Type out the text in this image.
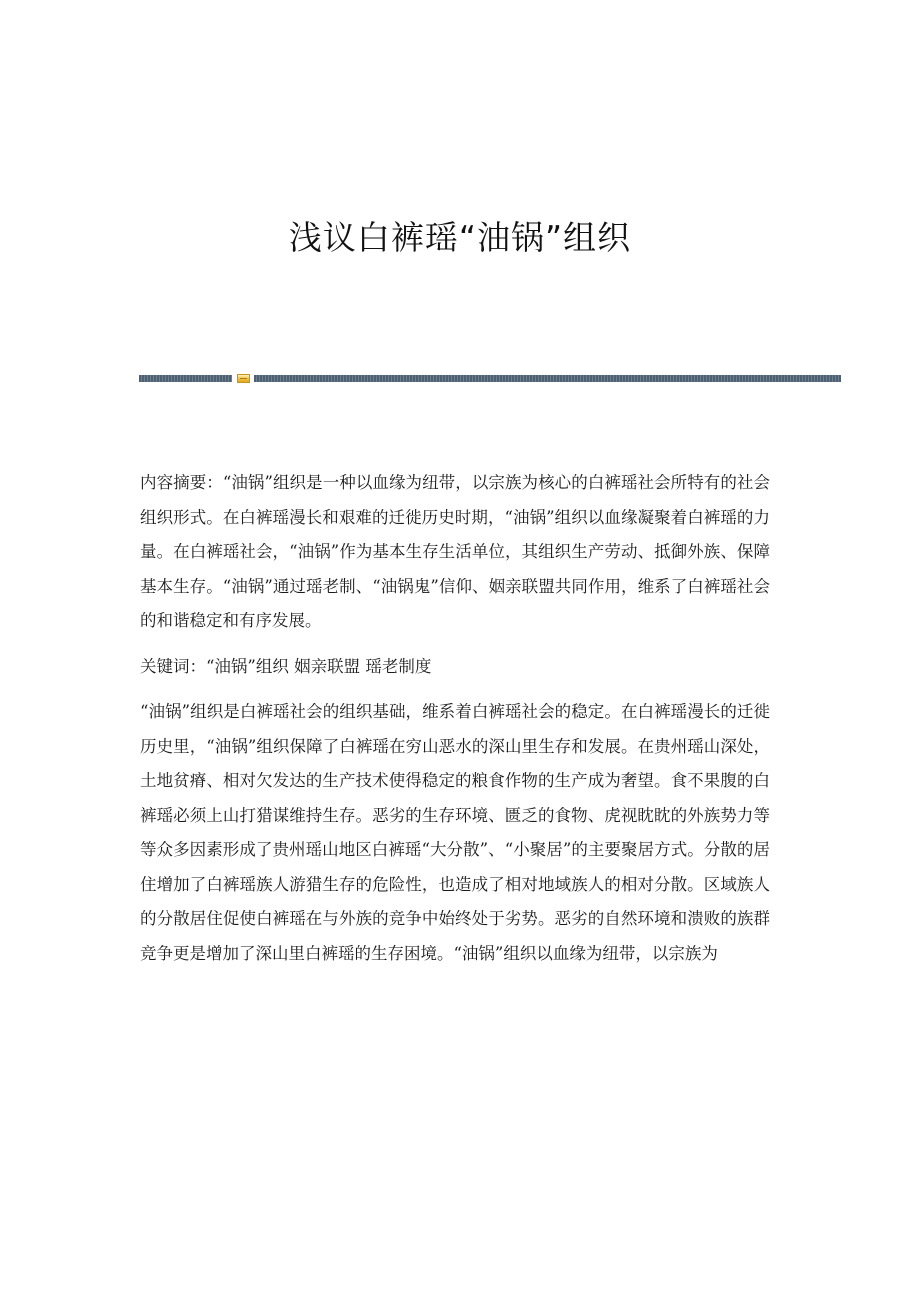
浅议白裤瑶“油锅”组织

内容摘要：“油锅”组织是一种以血缘为纽带，以宗族为核心的白裤瑶社会所特有的社会组织形式。在白裤瑶漫长和艰难的迁徙历史时期，“油锅”组织以血缘凝聚着白裤瑶的力量。在白裤瑶社会，“油锅”作为基本生存生活单位，其组织生产劳动、抵御外族、保障基本生存。“油锅”通过瑶老制、“油锅鬼”信仰、姻亲联盟共同作用，维系了白裤瑶社会的和谐稳定和有序发展。

关键词：“油锅”组织 姻亲联盟 瑶老制度

“油锅”组织是白裤瑶社会的组织基础，维系着白裤瑶社会的稳定。在白裤瑶漫长的迁徙历史里，“油锅”组织保障了白裤瑶在穷山恶水的深山里生存和发展。在贵州瑶山深处，土地贫瘠、相对欠发达的生产技术使得稳定的粮食作物的生产成为奢望。食不果腹的白裤瑶必须上山打猎谋维持生存。恶劣的生存环境、匮乏的食物、虎视眈眈的外族势力等等众多因素形成了贵州瑶山地区白裤瑶“大分散”、“小聚居”的主要聚居方式。分散的居住增加了白裤瑶族人游猎生存的危险性，也造成了相对地域族人的相对分散。区域族人的分散居住促使白裤瑶在与外族的竞争中始终处于劣势。恶劣的自然环境和溃败的族群竞争更是增加了深山里白裤瑶的生存困境。“油锅”组织以血缘为纽带，以宗族为
